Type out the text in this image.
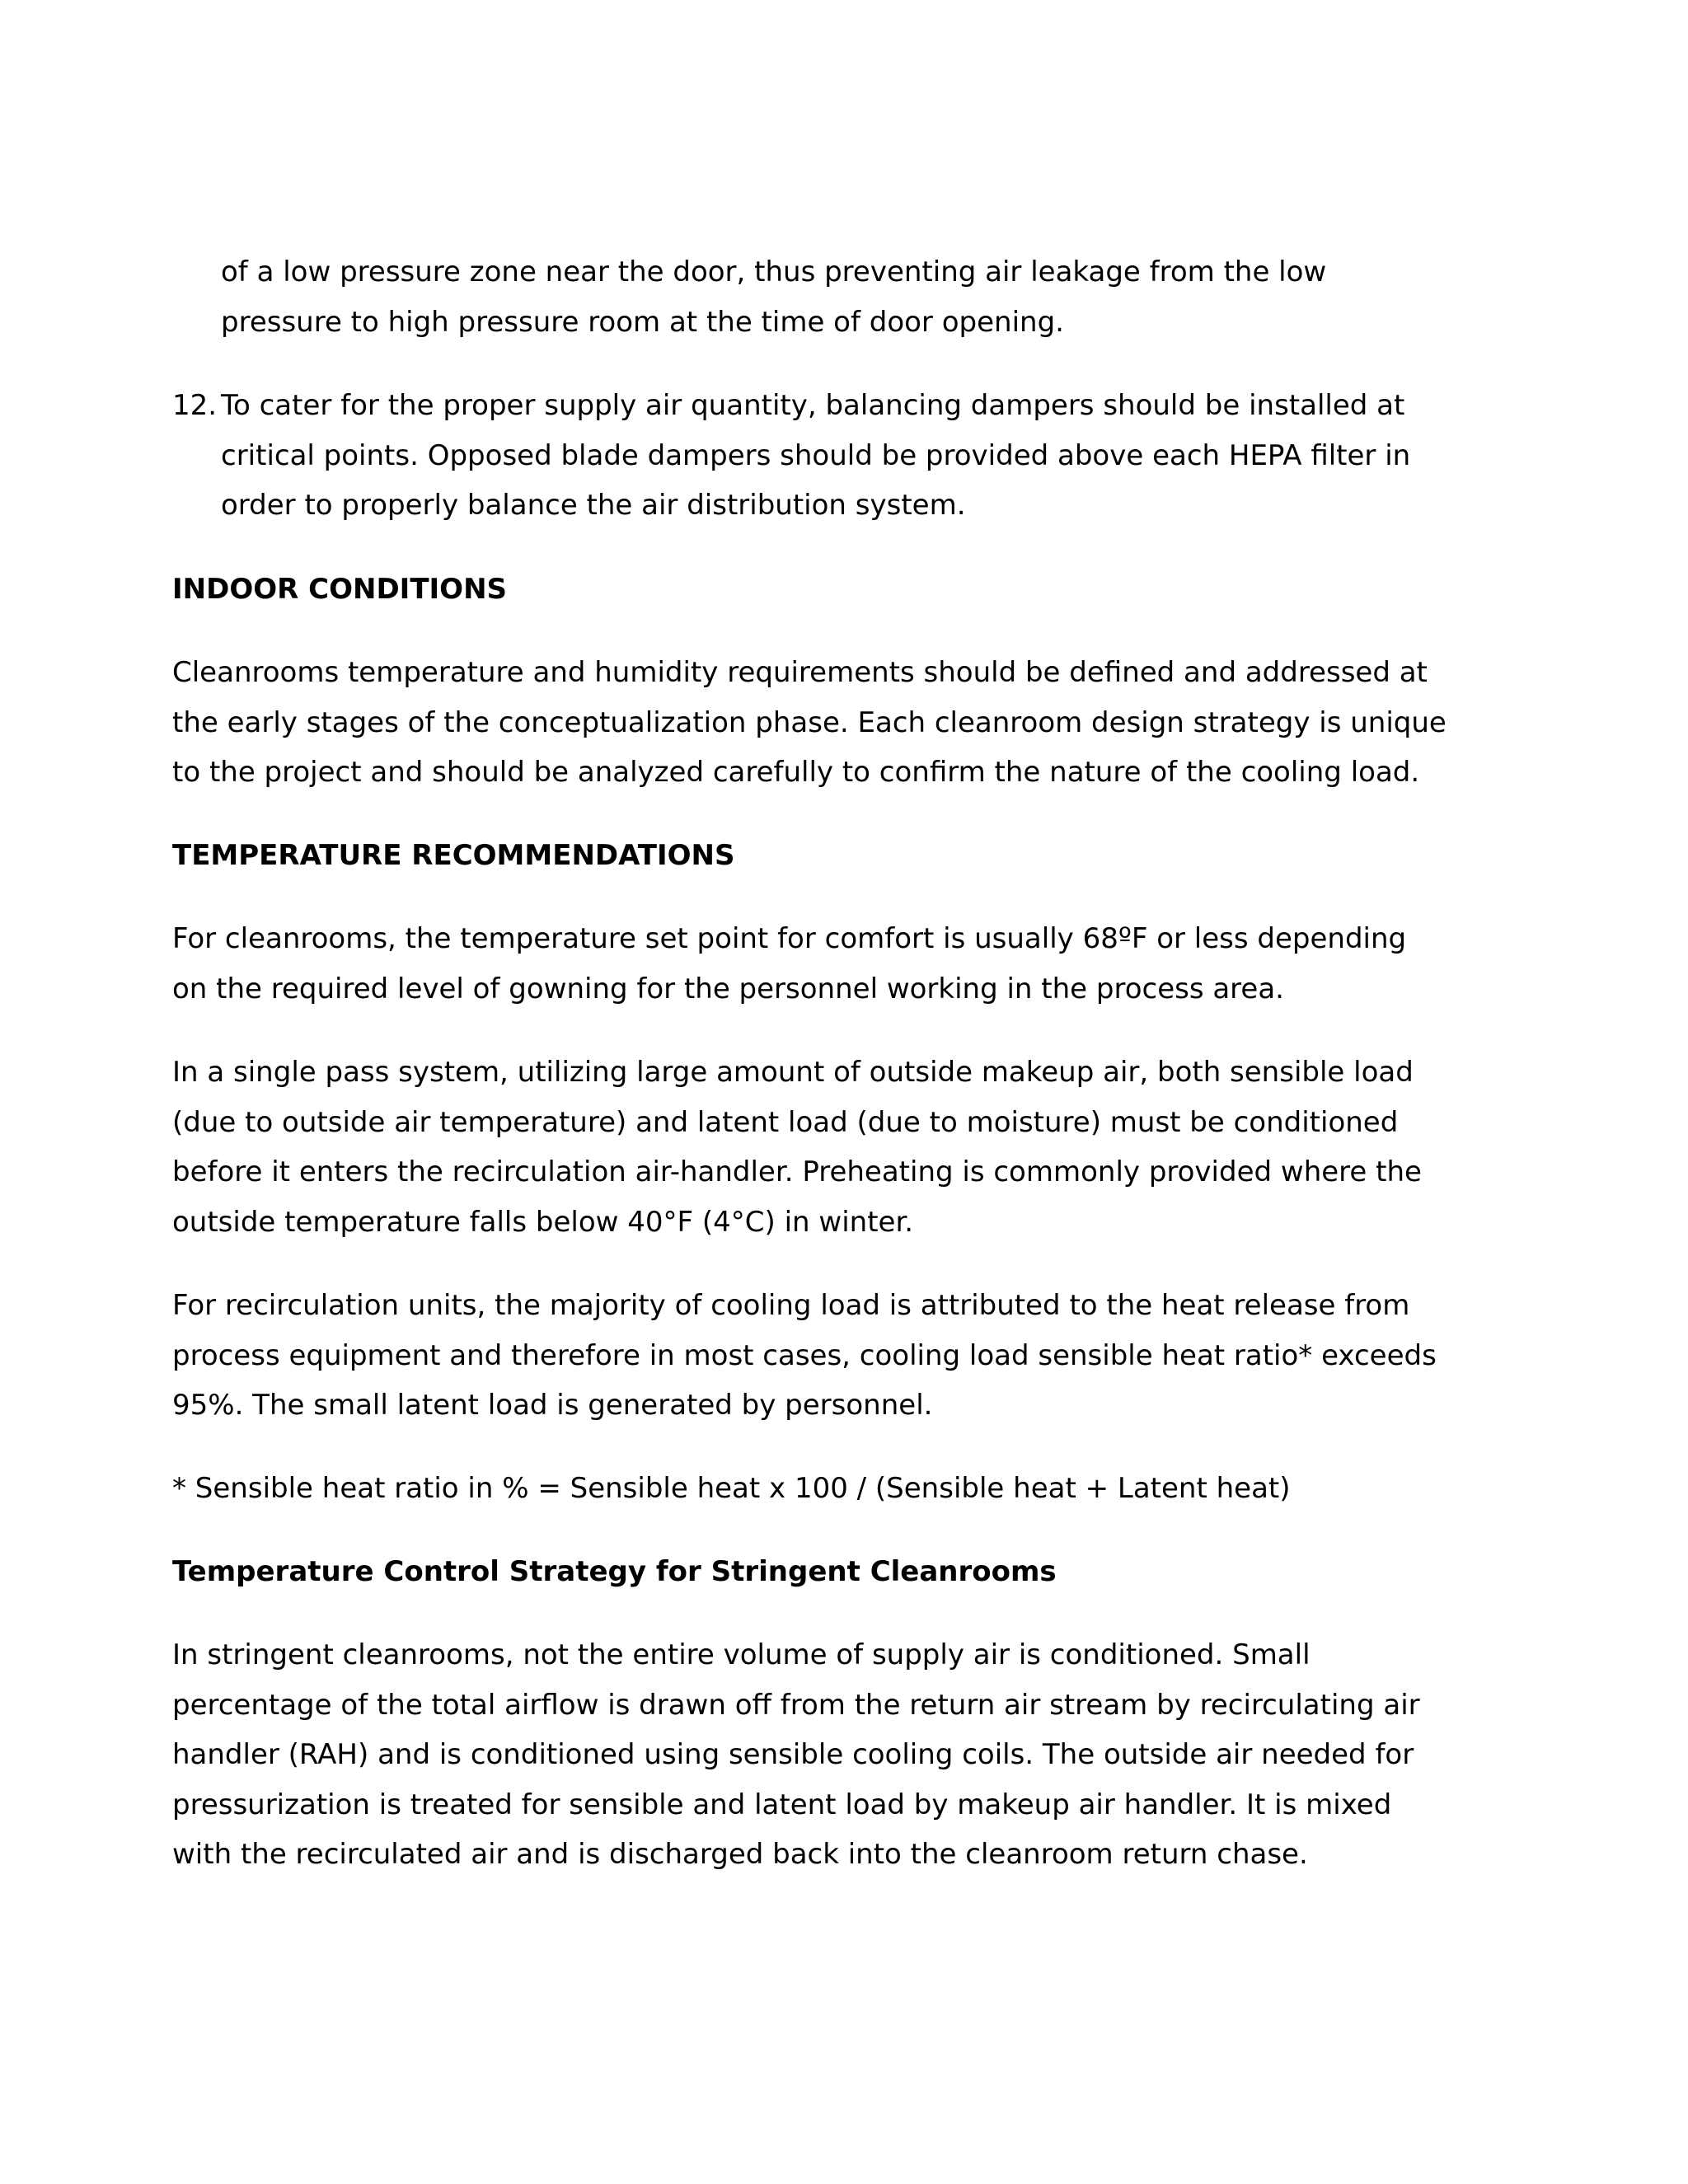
of a low pressure zone near the door, thus preventing air leakage from the low
pressure to high pressure room at the time of door opening.

12. To cater for the proper supply air quantity, balancing dampers should be installed at
critical points. Opposed blade dampers should be provided above each HEPA filter in
order to properly balance the air distribution system.

INDOOR CONDITIONS

Cleanrooms temperature and humidity requirements should be defined and addressed at
the early stages of the conceptualization phase. Each cleanroom design strategy is unique
to the project and should be analyzed carefully to confirm the nature of the cooling load.

TEMPERATURE RECOMMENDATIONS

For cleanrooms, the temperature set point for comfort is usually 68ºF or less depending
on the required level of gowning for the personnel working in the process area.

In a single pass system, utilizing large amount of outside makeup air, both sensible load
(due to outside air temperature) and latent load (due to moisture) must be conditioned
before it enters the recirculation air-handler. Preheating is commonly provided where the
outside temperature falls below 40°F (4°C) in winter.

For recirculation units, the majority of cooling load is attributed to the heat release from
process equipment and therefore in most cases, cooling load sensible heat ratio* exceeds
95%. The small latent load is generated by personnel.

* Sensible heat ratio in % = Sensible heat x 100 / (Sensible heat + Latent heat)

Temperature Control Strategy for Stringent Cleanrooms

In stringent cleanrooms, not the entire volume of supply air is conditioned. Small
percentage of the total airflow is drawn off from the return air stream by recirculating air
handler (RAH) and is conditioned using sensible cooling coils. The outside air needed for
pressurization is treated for sensible and latent load by makeup air handler. It is mixed
with the recirculated air and is discharged back into the cleanroom return chase.
